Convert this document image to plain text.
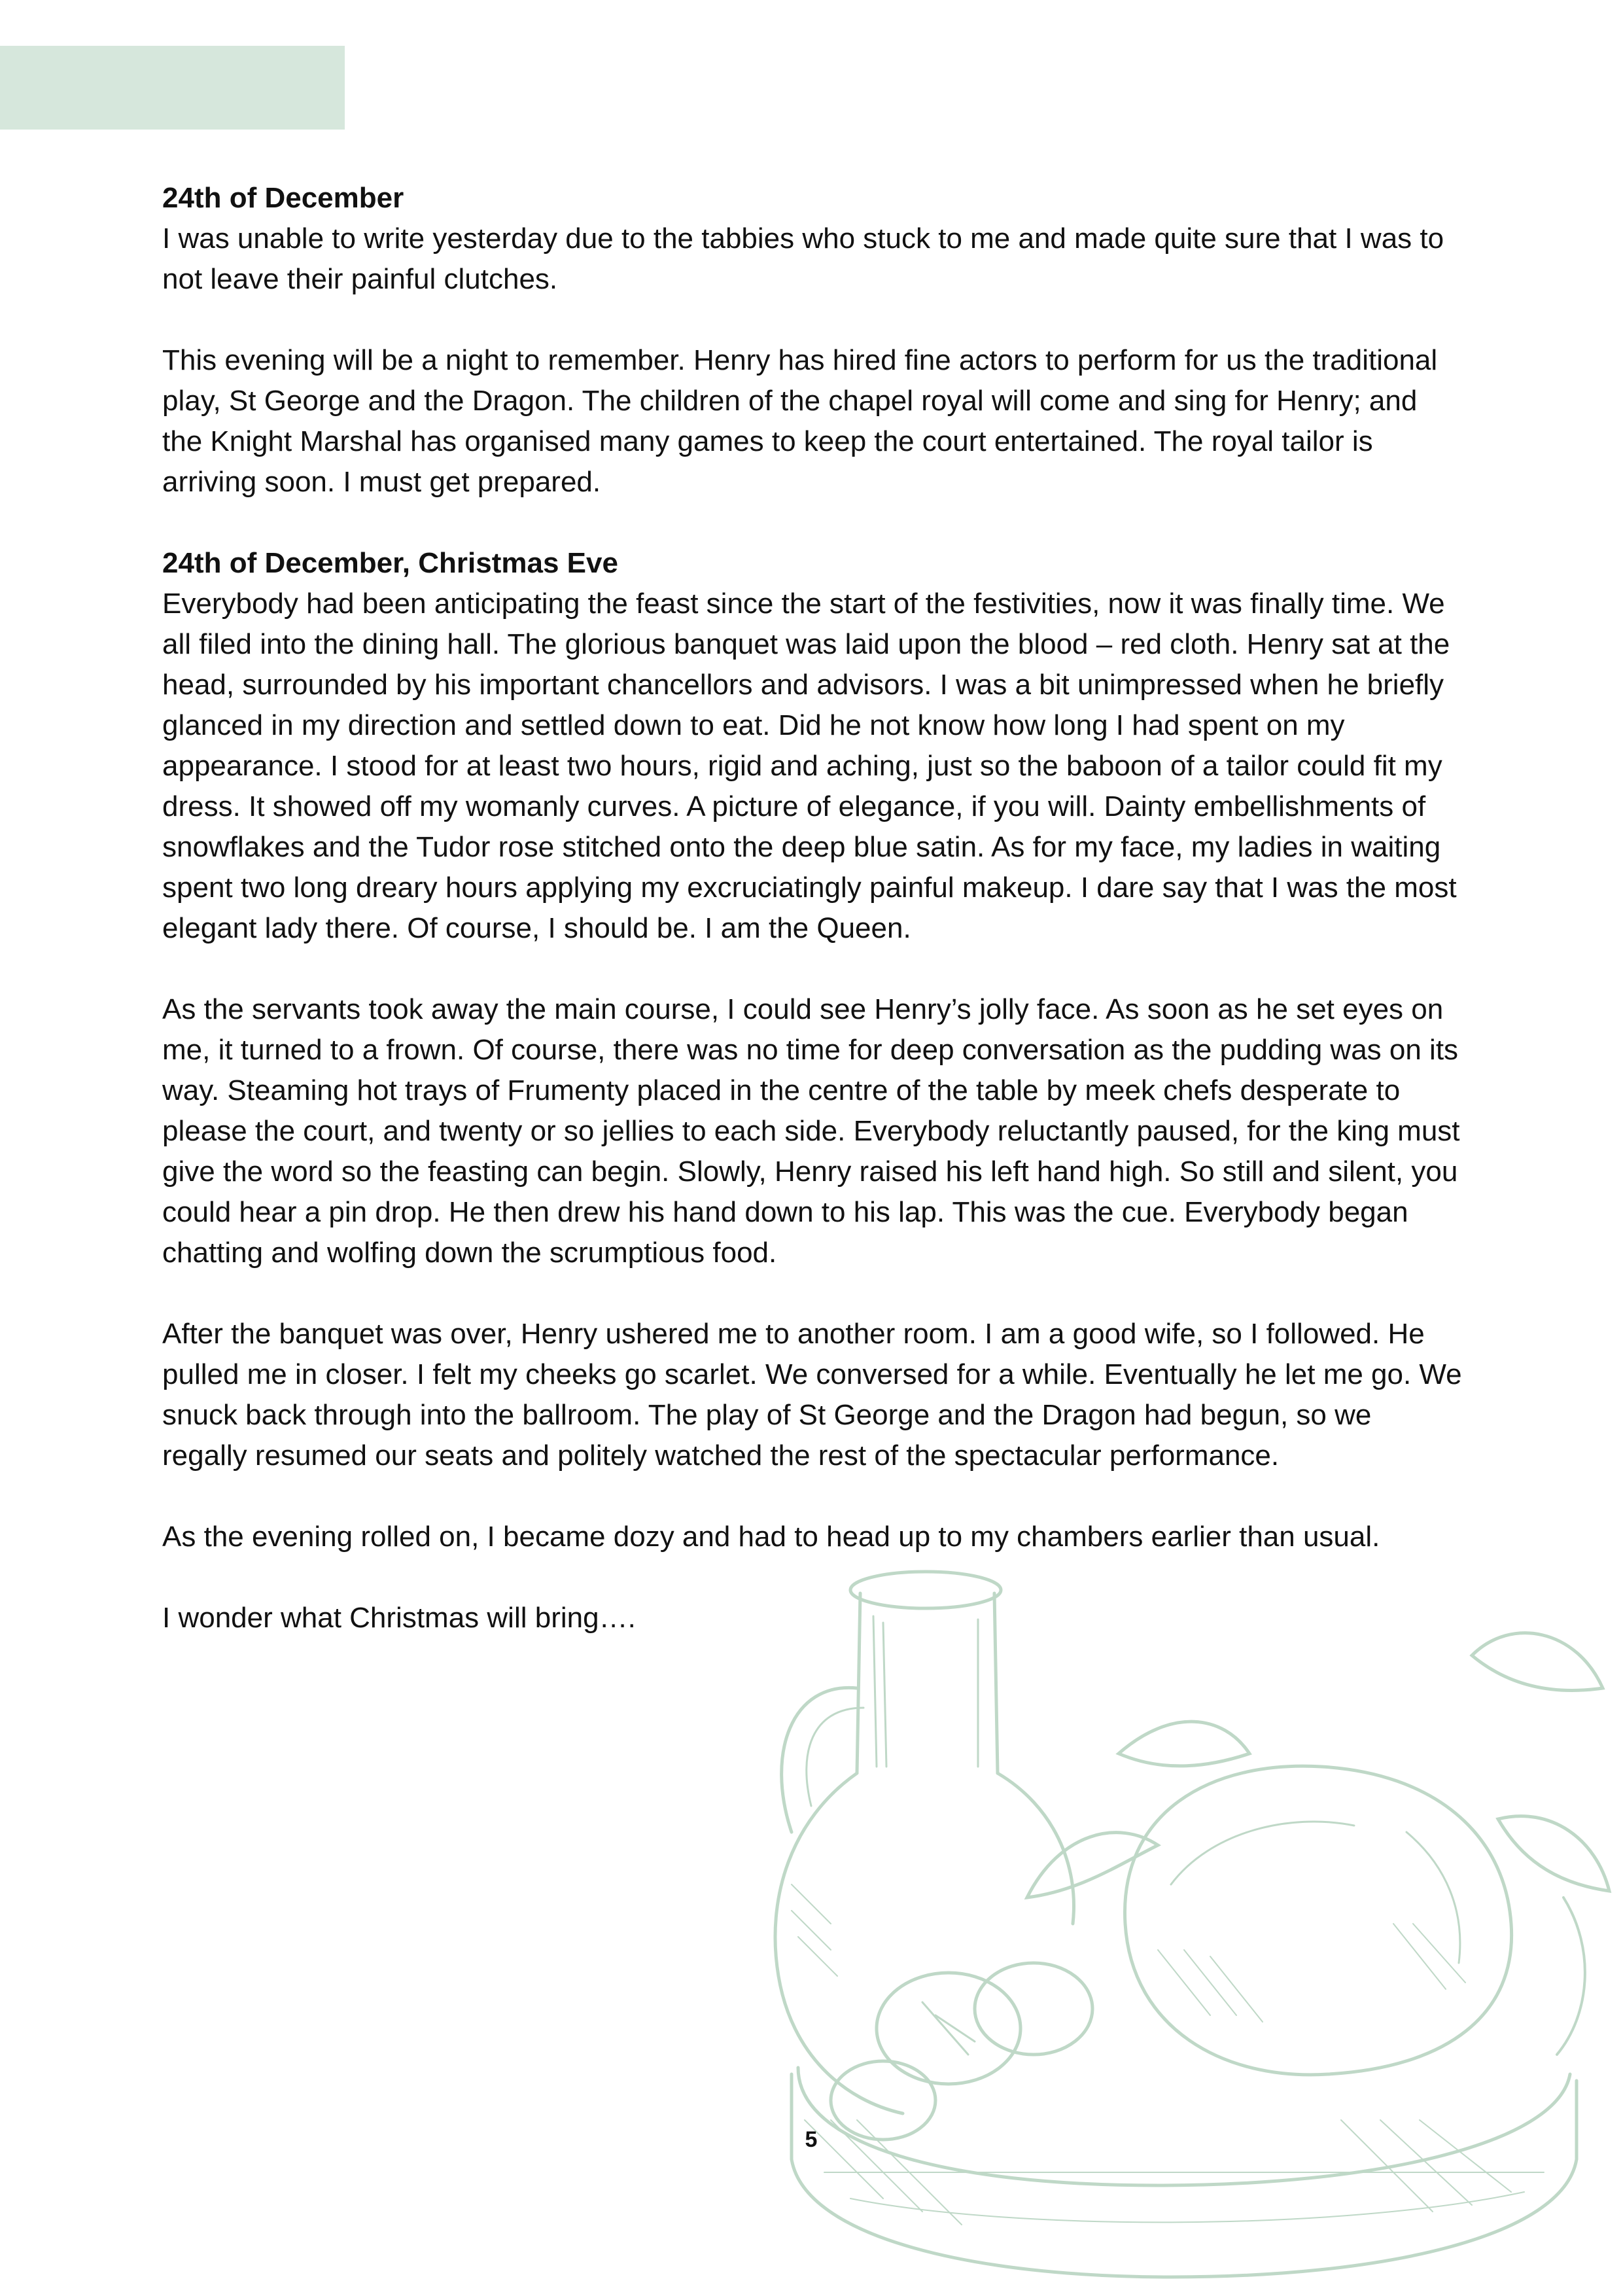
24th of December
I was unable to write yesterday due to the tabbies who stuck to me and made quite sure that I was to not leave their painful clutches.

This evening will be a night to remember. Henry has hired fine actors to perform for us the traditional play, St George and the Dragon. The children of the chapel royal will come and sing for Henry; and the Knight Marshal has organised many games to keep the court entertained. The royal tailor is arriving soon. I must get prepared.

24th of December, Christmas Eve
Everybody had been anticipating the feast since the start of the festivities, now it was finally time. We all filed into the dining hall. The glorious banquet was laid upon the blood – red cloth. Henry sat at the head, surrounded by his important chancellors and advisors. I was a bit unimpressed when he briefly glanced in my direction and settled down to eat. Did he not know how long I had spent on my appearance. I stood for at least two hours, rigid and aching, just so the baboon of a tailor could fit my dress. It showed off my womanly curves. A picture of elegance, if you will. Dainty embellishments of snowflakes and the Tudor rose stitched onto the deep blue satin. As for my face, my ladies in waiting spent two long dreary hours applying my excruciatingly painful makeup. I dare say that I was the most elegant lady there. Of course, I should be. I am the Queen.

As the servants took away the main course, I could see Henry’s jolly face. As soon as he set eyes on me, it turned to a frown. Of course, there was no time for deep conversation as the pudding was on its way. Steaming hot trays of Frumenty placed in the centre of the table by meek chefs desperate to please the court, and twenty or so jellies to each side. Everybody reluctantly paused, for the king must give the word so the feasting can begin. Slowly, Henry raised his left hand high. So still and silent, you could hear a pin drop. He then drew his hand down to his lap. This was the cue. Everybody began chatting and wolfing down the scrumptious food.

After the banquet was over, Henry ushered me to another room. I am a good wife, so I followed. He pulled me in closer. I felt my cheeks go scarlet. We conversed for a while. Eventually he let me go. We snuck back through into the ballroom. The play of St George and the Dragon had begun, so we regally resumed our seats and politely watched the rest of the spectacular performance.

As the evening rolled on, I became dozy and had to head up to my chambers earlier than usual.

I wonder what Christmas will bring….

5
